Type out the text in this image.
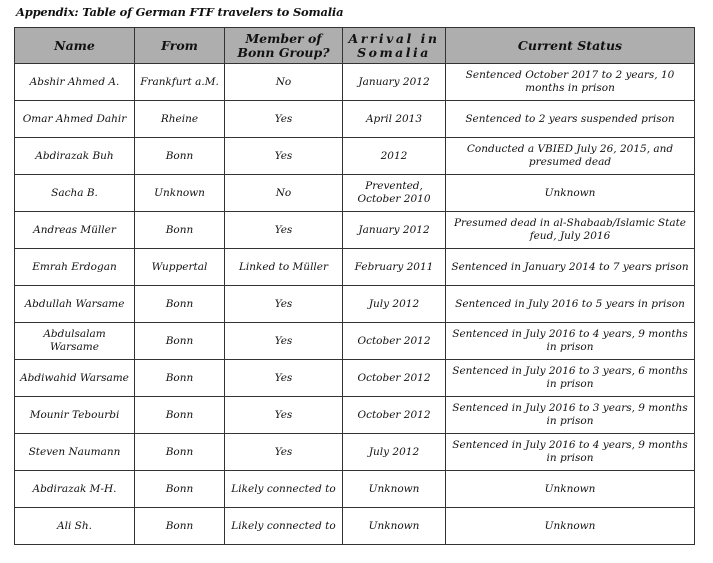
Appendix: Table of German FTF travelers to Somalia
Name	From	Member of Bonn Group?	Arrival in Somalia	Current Status
Abshir Ahmed A.	Frankfurt a.M.	No	January 2012	Sentenced October 2017 to 2 years, 10 months in prison
Omar Ahmed Dahir	Rheine	Yes	April 2013	Sentenced to 2 years suspended prison
Abdirazak Buh	Bonn	Yes	2012	Conducted a VBIED July 26, 2015, and presumed dead
Sacha B.	Unknown	No	Prevented, October 2010	Unknown
Andreas Müller	Bonn	Yes	January 2012	Presumed dead in al-Shabaab/Islamic State feud, July 2016
Emrah Erdogan	Wuppertal	Linked to Müller	February 2011	Sentenced in January 2014 to 7 years prison
Abdullah Warsame	Bonn	Yes	July 2012	Sentenced in July 2016 to 5 years in prison
Abdulsalam Warsame	Bonn	Yes	October 2012	Sentenced in July 2016 to 4 years, 9 months in prison
Abdiwahid Warsame	Bonn	Yes	October 2012	Sentenced in July 2016 to 3 years, 6 months in prison
Mounir Tebourbi	Bonn	Yes	October 2012	Sentenced in July 2016 to 3 years, 9 months in prison
Steven Naumann	Bonn	Yes	July 2012	Sentenced in July 2016 to 4 years, 9 months in prison
Abdirazak M-H.	Bonn	Likely connected to	Unknown	Unknown
Ali Sh.	Bonn	Likely connected to	Unknown	Unknown
